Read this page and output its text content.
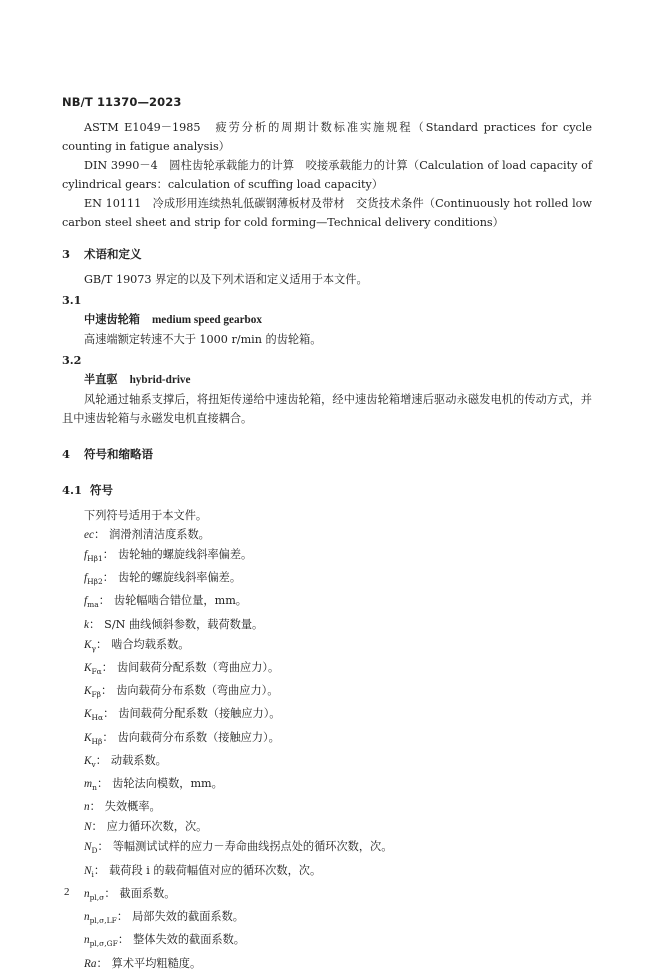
NB/T 11370—2023

ASTM E1049－1985　疲劳分析的周期计数标准实施规程（Standard practices for cycle counting in fatigue analysis）

DIN 3990－4　圆柱齿轮承载能力的计算　咬接承载能力的计算（Calculation of load capacity of cylindrical gears：calculation of scuffing load capacity）

EN 10111　冷成形用连续热轧低碳钢薄板材及带材　交货技术条件（Continuously hot rolled low carbon steel sheet and strip for cold forming—Technical delivery conditions）

3 术语和定义

GB/T 19073 界定的以及下列术语和定义适用于本文件。

3.1
中速齿轮箱 medium speed gearbox

高速端额定转速不大于 1000 r/min 的齿轮箱。

3.2
半直驱 hybrid-drive

风轮通过轴系支撑后，将扭矩传递给中速齿轮箱，经中速齿轮箱增速后驱动永磁发电机的传动方式，并且中速齿轮箱与永磁发电机直接耦合。

4 符号和缩略语
4.1 符号

下列符号适用于本文件。

ec： 润滑剂清洁度系数。
$f_{H\beta 1}$： 齿轮轴的螺旋线斜率偏差。
$f_{H\beta 2}$： 齿轮的螺旋线斜率偏差。
$f_{ma}$： 齿轮幅啮合错位量，mm。
k： S/N 曲线倾斜参数，载荷数量。
$K_\gamma$： 啮合均载系数。
$K_{F\alpha}$： 齿间载荷分配系数（弯曲应力）。
$K_{F\beta}$： 齿向载荷分布系数（弯曲应力）。
$K_{H\alpha}$： 齿间载荷分配系数（接触应力）。
$K_{H\beta}$： 齿向载荷分布系数（接触应力）。
$K_v$： 动载系数。
$m_n$： 齿轮法向模数，mm。
n： 失效概率。
N： 应力循环次数，次。
$N_D$： 等幅测试试样的应力－寿命曲线拐点处的循环次数，次。
$N_i$： 载荷段 i 的载荷幅值对应的循环次数，次。
$n_{pl,\sigma}$： 截面系数。
$n_{pl,\sigma,LF}$： 局部失效的截面系数。
$n_{pl,\sigma,GF}$： 整体失效的截面系数。
Ra： 算术平均粗糙度。
2
